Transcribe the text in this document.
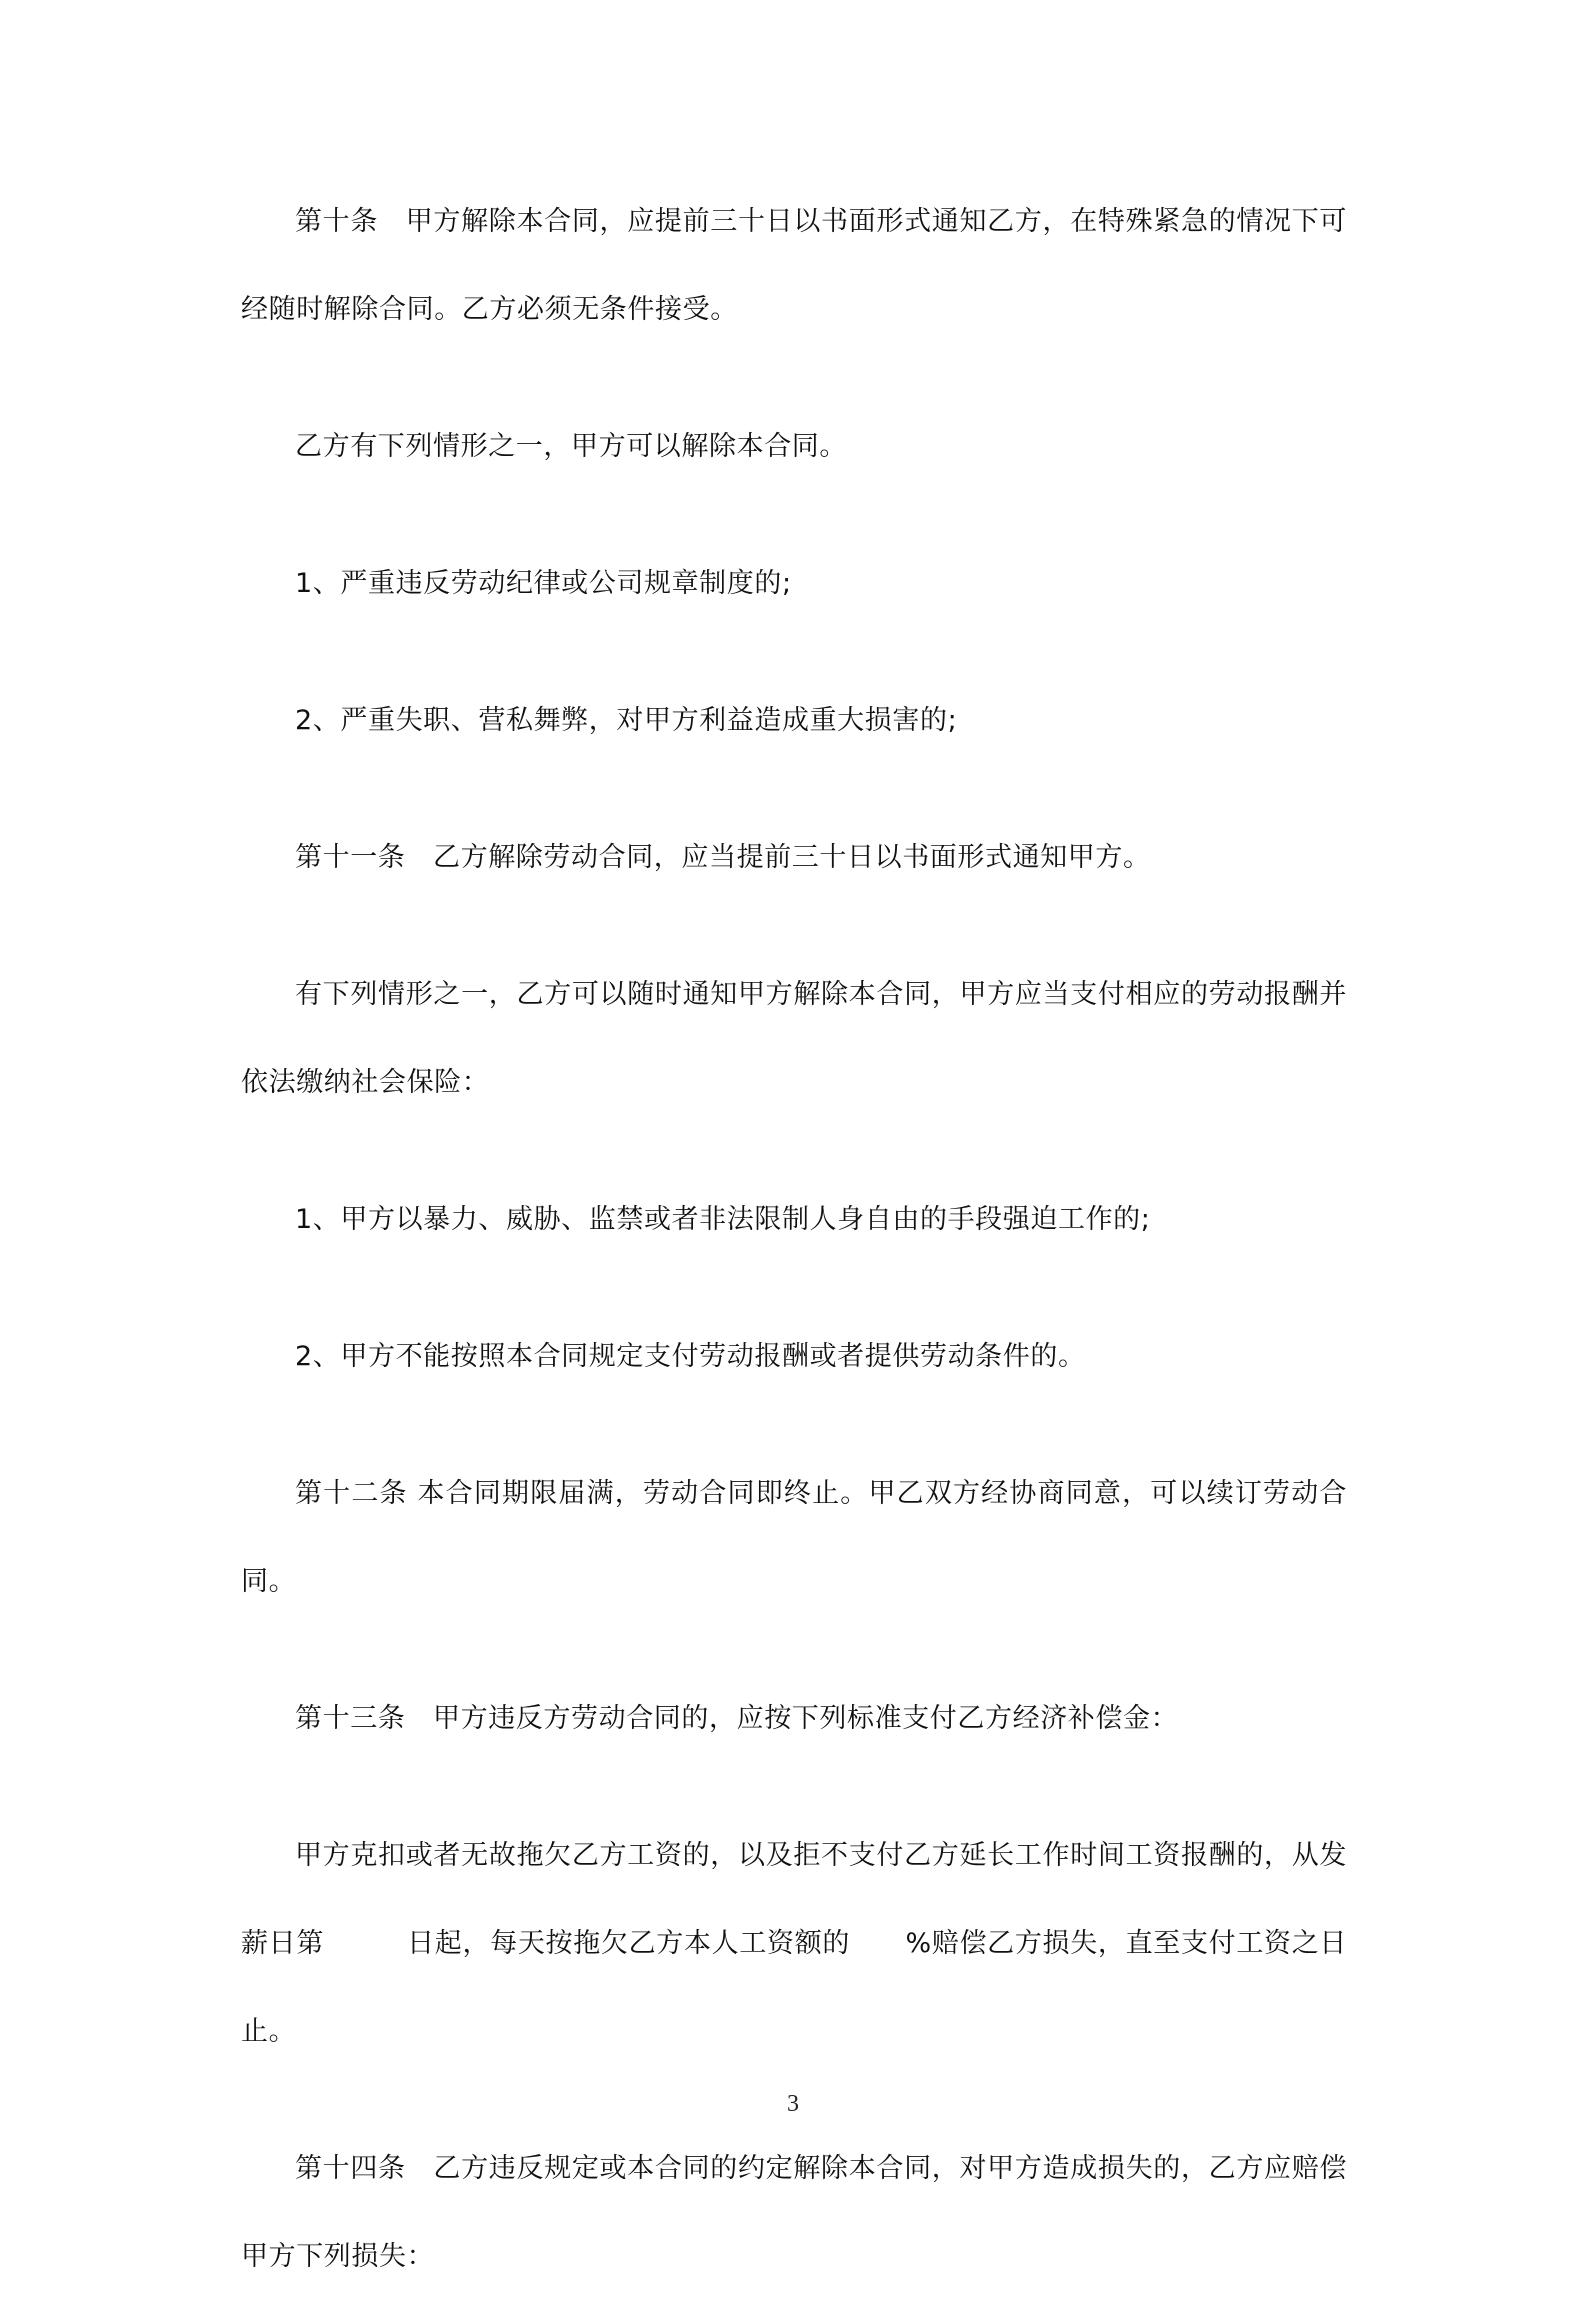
第十条　甲方解除本合同，应提前三十日以书面形式通知乙方，在特殊紧急的情况下可经随时解除合同。乙方必须无条件接受。

乙方有下列情形之一，甲方可以解除本合同。

1、严重违反劳动纪律或公司规章制度的;

2、严重失职、营私舞弊，对甲方利益造成重大损害的;

第十一条　乙方解除劳动合同，应当提前三十日以书面形式通知甲方。

有下列情形之一，乙方可以随时通知甲方解除本合同，甲方应当支付相应的劳动报酬并依法缴纳社会保险：

1、甲方以暴力、威胁、监禁或者非法限制人身自由的手段强迫工作的;

2、甲方不能按照本合同规定支付劳动报酬或者提供劳动条件的。

第十二条 本合同期限届满，劳动合同即终止。甲乙双方经协商同意，可以续订劳动合同。

第十三条　甲方违反方劳动合同的，应按下列标准支付乙方经济补偿金：

甲方克扣或者无故拖欠乙方工资的，以及拒不支付乙方延长工作时间工资报酬的，从发薪日第　　　日起，每天按拖欠乙方本人工资额的　　%赔偿乙方损失，直至支付工资之日止。

第十四条　乙方违反规定或本合同的约定解除本合同，对甲方造成损失的，乙方应赔偿甲方下列损失：

3
